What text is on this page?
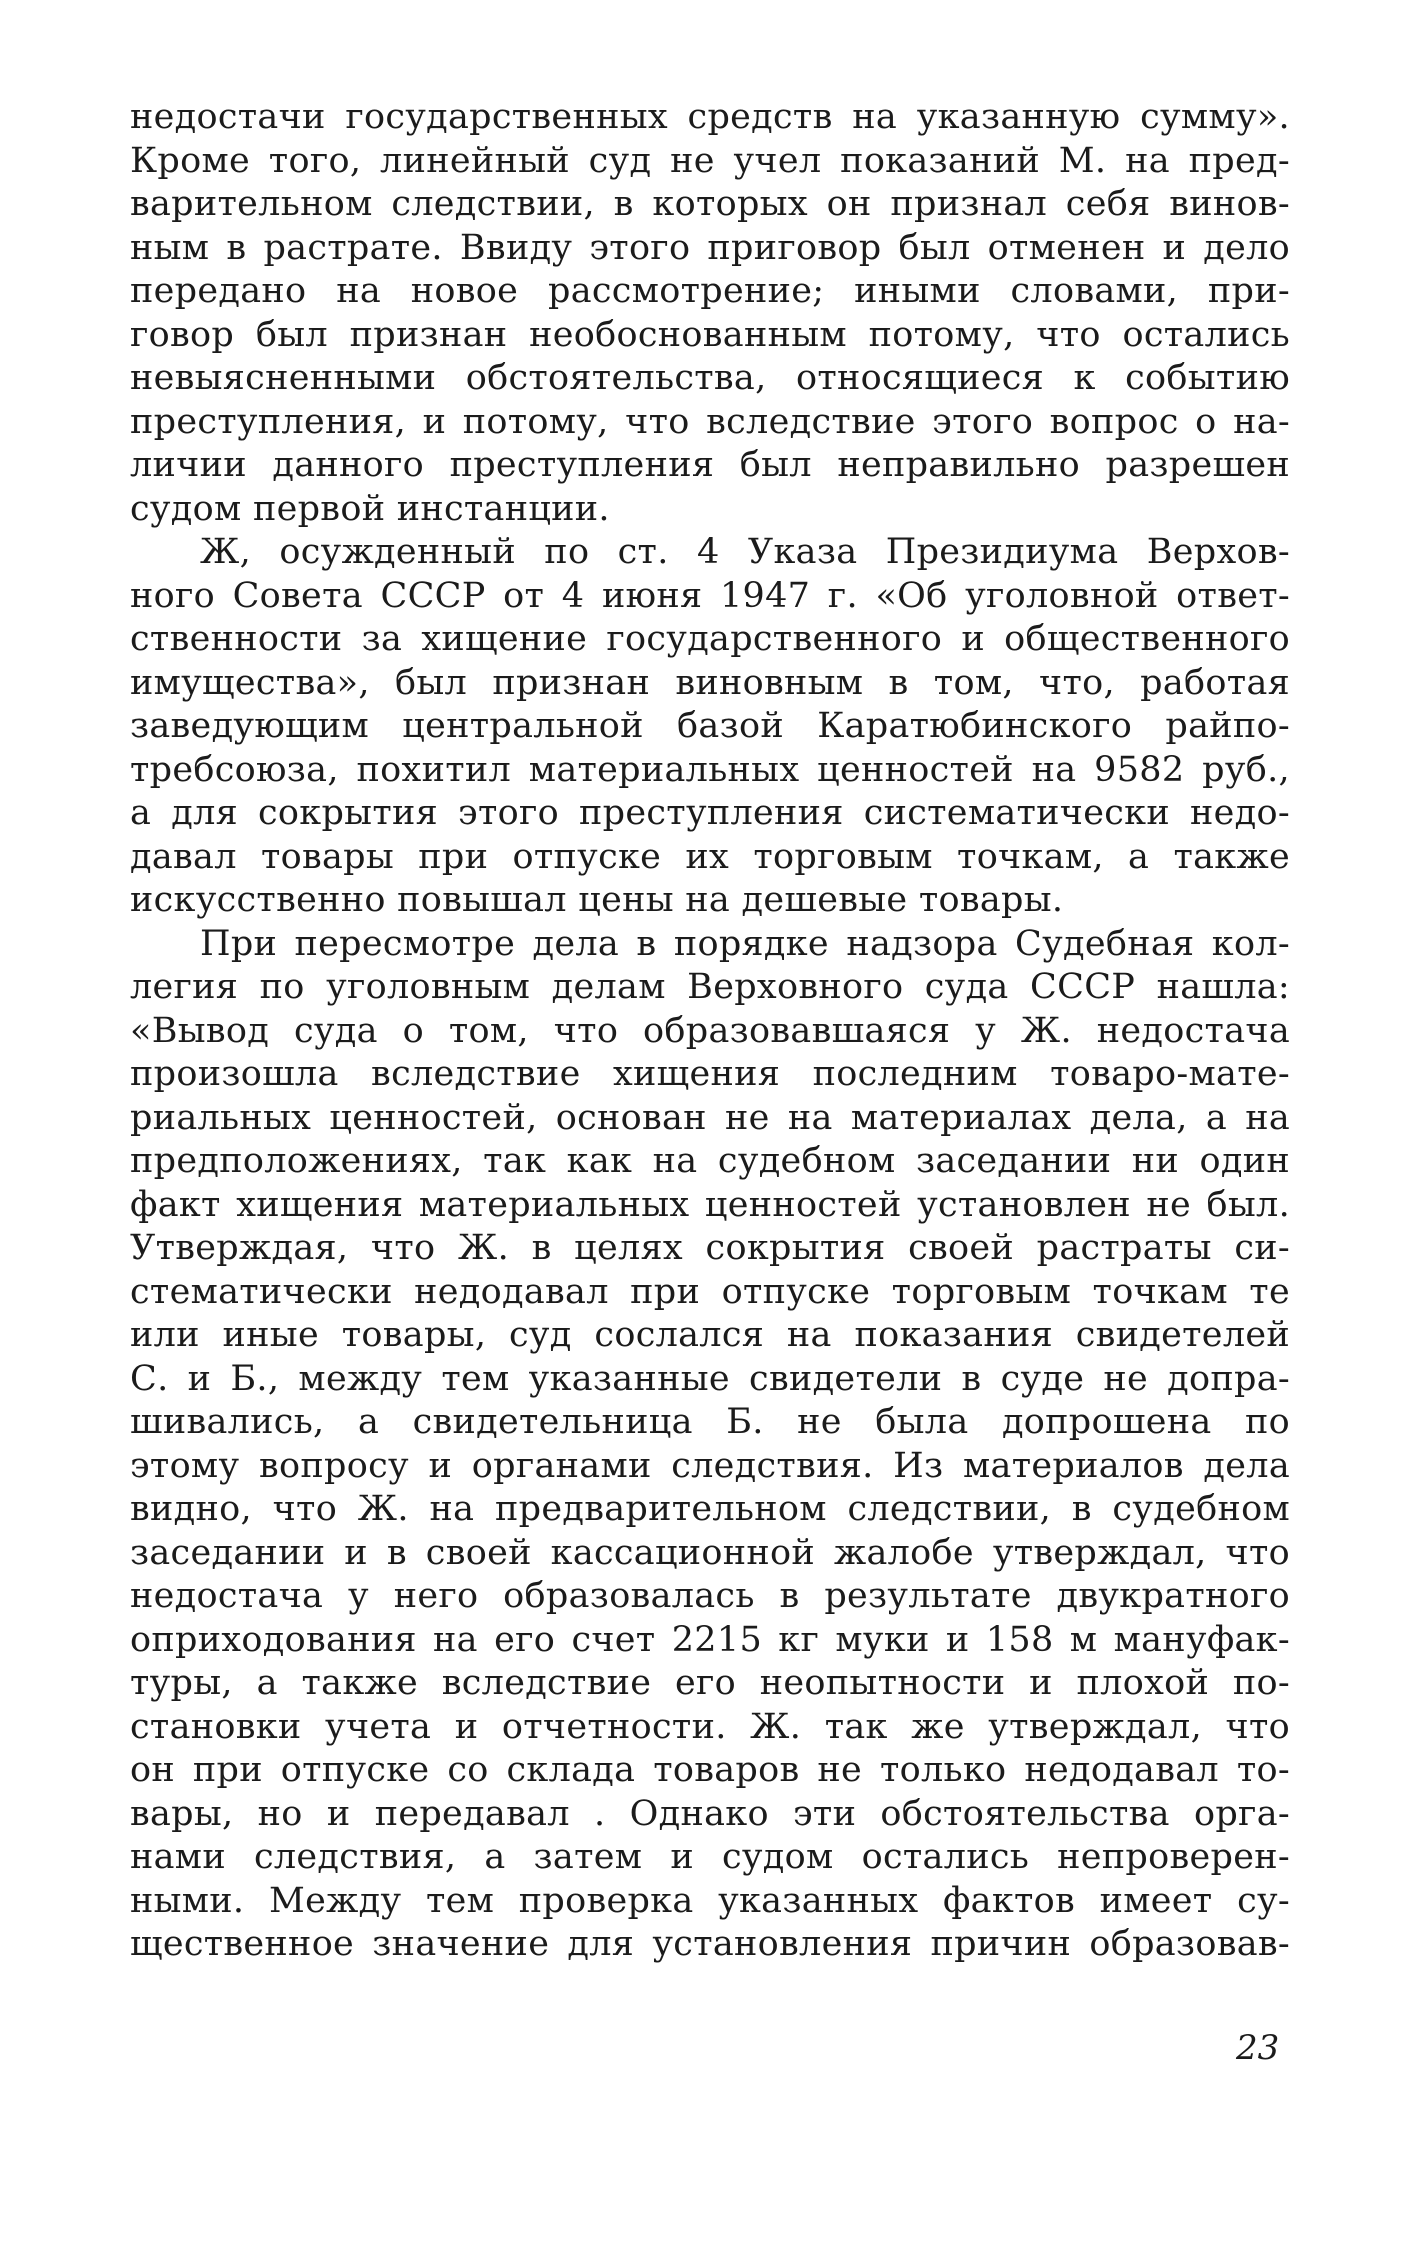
недостачи государственных средств на указанную сумму».
Кроме того, линейный суд не учел показаний М. на пред-
варительном следствии, в которых он признал себя винов-
ным в растрате. Ввиду этого приговор был отменен и дело
передано на новое рассмотрение; иными словами, при-
говор был признан необоснованным потому, что остались
невыясненными обстоятельства, относящиеся к событию
преступления, и потому, что вследствие этого вопрос о на-
личии данного преступления был неправильно разрешен
судом первой инстанции.
Ж, осужденный по ст. 4 Указа Президиума Верхов-
ного Совета СССР от 4 июня 1947 г. «Об уголовной ответ-
ственности за хищение государственного и общественного
имущества», был признан виновным в том, что, работая
заведующим центральной базой Каратюбинского райпо-
требсоюза, похитил материальных ценностей на 9582 руб.,
а для сокрытия этого преступления систематически недо-
давал товары при отпуске их торговым точкам, а также
искусственно повышал цены на дешевые товары.
При пересмотре дела в порядке надзора Судебная кол-
легия по уголовным делам Верховного суда СССР нашла:
«Вывод суда о том, что образовавшаяся у Ж. недостача
произошла вследствие хищения последним товаро-мате-
риальных ценностей, основан не на материалах дела, а на
предположениях, так как на судебном заседании ни один
факт хищения материальных ценностей установлен не был.
Утверждая, что Ж. в целях сокрытия своей растраты си-
стематически недодавал при отпуске торговым точкам те
или иные товары, суд сослался на показания свидетелей
С. и Б., между тем указанные свидетели в суде не допра-
шивались, а свидетельница Б. не была допрошена по
этому вопросу и органами следствия. Из материалов дела
видно, что Ж. на предварительном следствии, в судебном
заседании и в своей кассационной жалобе утверждал, что
недостача у него образовалась в результате двукратного
оприходования на его счет 2215 кг муки и 158 м мануфак-
туры, а также вследствие его неопытности и плохой по-
становки учета и отчетности. Ж. так же утверждал, что
он при отпуске со склада товаров не только недодавал то-
вары, но и передавал . Однако эти обстоятельства орга-
нами следствия, а затем и судом остались непроверен-
ными. Между тем проверка указанных фактов имеет су-
щественное значение для установления причин образовав-
23
